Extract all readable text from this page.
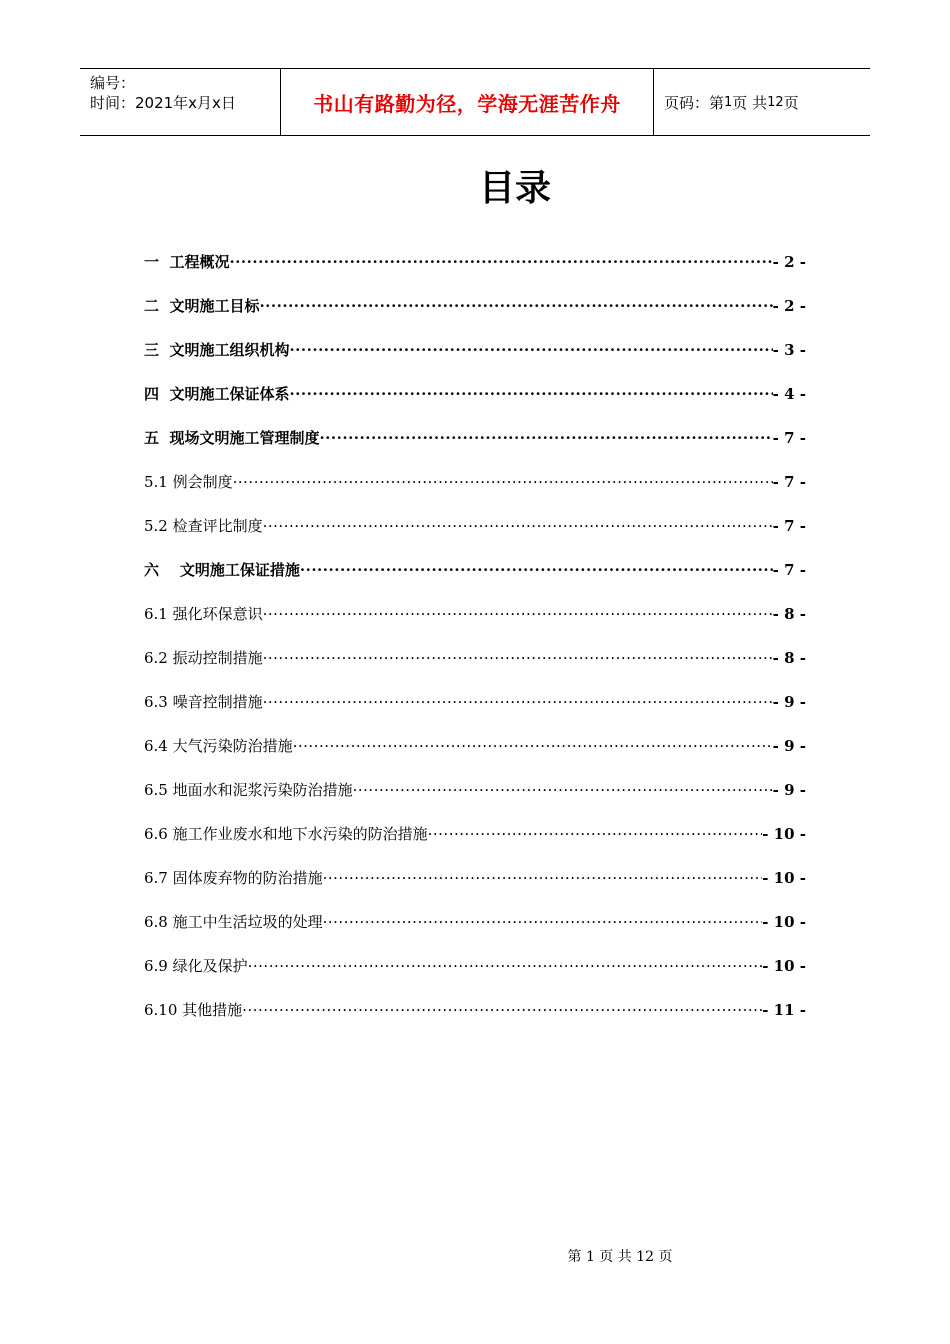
编号：
时间：2021年x月x日	书山有路勤为径，学海无涯苦作舟	页码：第 1 页 共 12 页
目录
一  工程概况 ·····	- 2 -
二  文明施工目标 ·····	- 2 -
三  文明施工组织机构 ·····	- 3 -
四  文明施工保证体系 ·····	- 4 -
五  现场文明施工管理制度 ·····	- 7 -
5.1 例会制度 ·····	- 7 -
5.2 检查评比制度 ·····	- 7 -
六    文明施工保证措施 ·····	- 7 -
6.1 强化环保意识 ·····	- 8 -
6.2 振动控制措施 ·····	- 8 -
6.3 噪音控制措施 ·····	- 9 -
6.4 大气污染防治措施 ·····	- 9 -
6.5 地面水和泥浆污染防治措施 ·····	- 9 -
6.6 施工作业废水和地下水污染的防治措施 ·····	- 10 -
6.7 固体废弃物的防治措施 ·····	- 10 -
6.8 施工中生活垃圾的处理 ·····	- 10 -
6.9 绿化及保护 ·····	- 10 -
6.10 其他措施 ·····	- 11 -
第 1 页 共 12 页
